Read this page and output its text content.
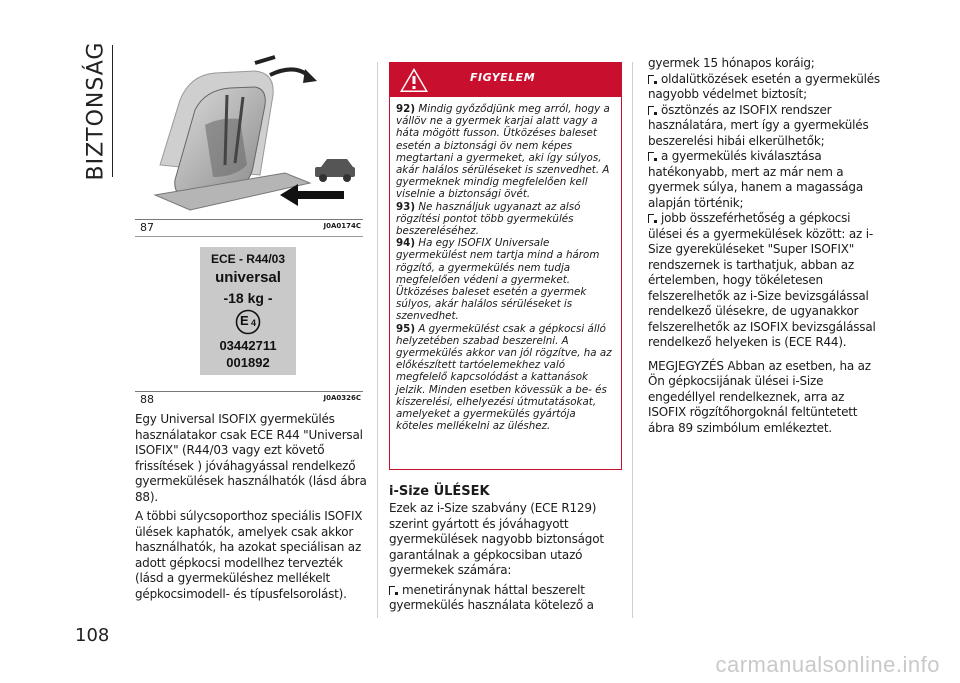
BIZTONSÁG
108
87	J0A0174C
ECE - R44/03
universal
-18 kg -
E 4
03442711
001892
88	J0A0326C

Egy Universal ISOFIX gyermekülés használatakor csak ECE R44 "Universal ISOFIX" (R44/03 vagy ezt követő frissítések ) jóváhagyással rendelkező gyermekülések használhatók (lásd ábra 88).

A többi súlycsoporthoz speciális ISOFIX ülések kaphatók, amelyek csak akkor használhatók, ha azokat speciálisan az adott gépkocsi modellhez tervezték (lásd a gyermeküléshez mellékelt gépkocsimodell- és típusfelsorolást).

FIGYELEM

92) Mindig győződjünk meg arról, hogy a vállöv ne a gyermek karjai alatt vagy a háta mögött fusson. Ütközéses baleset esetén a biztonsági öv nem képes megtartani a gyermeket, aki így súlyos, akár halálos sérüléseket is szenvedhet. A gyermeknek mindig megfelelően kell viselnie a biztonsági övét.

93) Ne használjuk ugyanazt az alsó rögzítési pontot több gyermekülés beszereléséhez.

94) Ha egy ISOFIX Universale gyermekülést nem tartja mind a három rögzítő, a gyermekülés nem tudja megfelelően védeni a gyermeket. Ütközéses baleset esetén a gyermek súlyos, akár halálos sérüléseket is szenvedhet.

95) A gyermekülést csak a gépkocsi álló helyzetében szabad beszerelni. A gyermekülés akkor van jól rögzítve, ha az előkészített tartóelemekhez való megfelelő kapcsolódást a kattanások jelzik. Minden esetben kövessük a be- és kiszerelési, elhelyezési útmutatásokat, amelyeket a gyermekülés gyártója köteles mellékelni az üléshez.

i-Size ÜLÉSEK

Ezek az i-Size szabvány (ECE R129) szerint gyártott és jóváhagyott gyermekülések nagyobb biztonságot garantálnak a gépkocsiban utazó gyermekek számára:

menetiránynak háttal beszerelt gyermekülés használata kötelező a

gyermek 15 hónapos koráig;

oldalütközések esetén a gyermekülés nagyobb védelmet biztosít;

ösztönzés az ISOFIX rendszer használatára, mert így a gyermekülés beszerelési hibái elkerülhetők;

a gyermekülés kiválasztása hatékonyabb, mert az már nem a gyermek súlya, hanem a magassága alapján történik;

jobb összeférhetőség a gépkocsi ülései és a gyermekülések között: az i-Size gyereküléseket "Super ISOFIX" rendszernek is tarthatjuk, abban az értelemben, hogy tökéletesen felszerelhetők az i-Size bevizsgálással rendelkező ülésekre, de ugyanakkor felszerelhetők az ISOFIX bevizsgálással rendelkező helyeken is (ECE R44).

MEGJEGYZÉS Abban az esetben, ha az Ön gépkocsijának ülései i-Size engedéllyel rendelkeznek, arra az ISOFIX rögzítőhorgoknál feltüntetett ábra 89 szimbólum emlékeztet.

carmanualsonline.info
